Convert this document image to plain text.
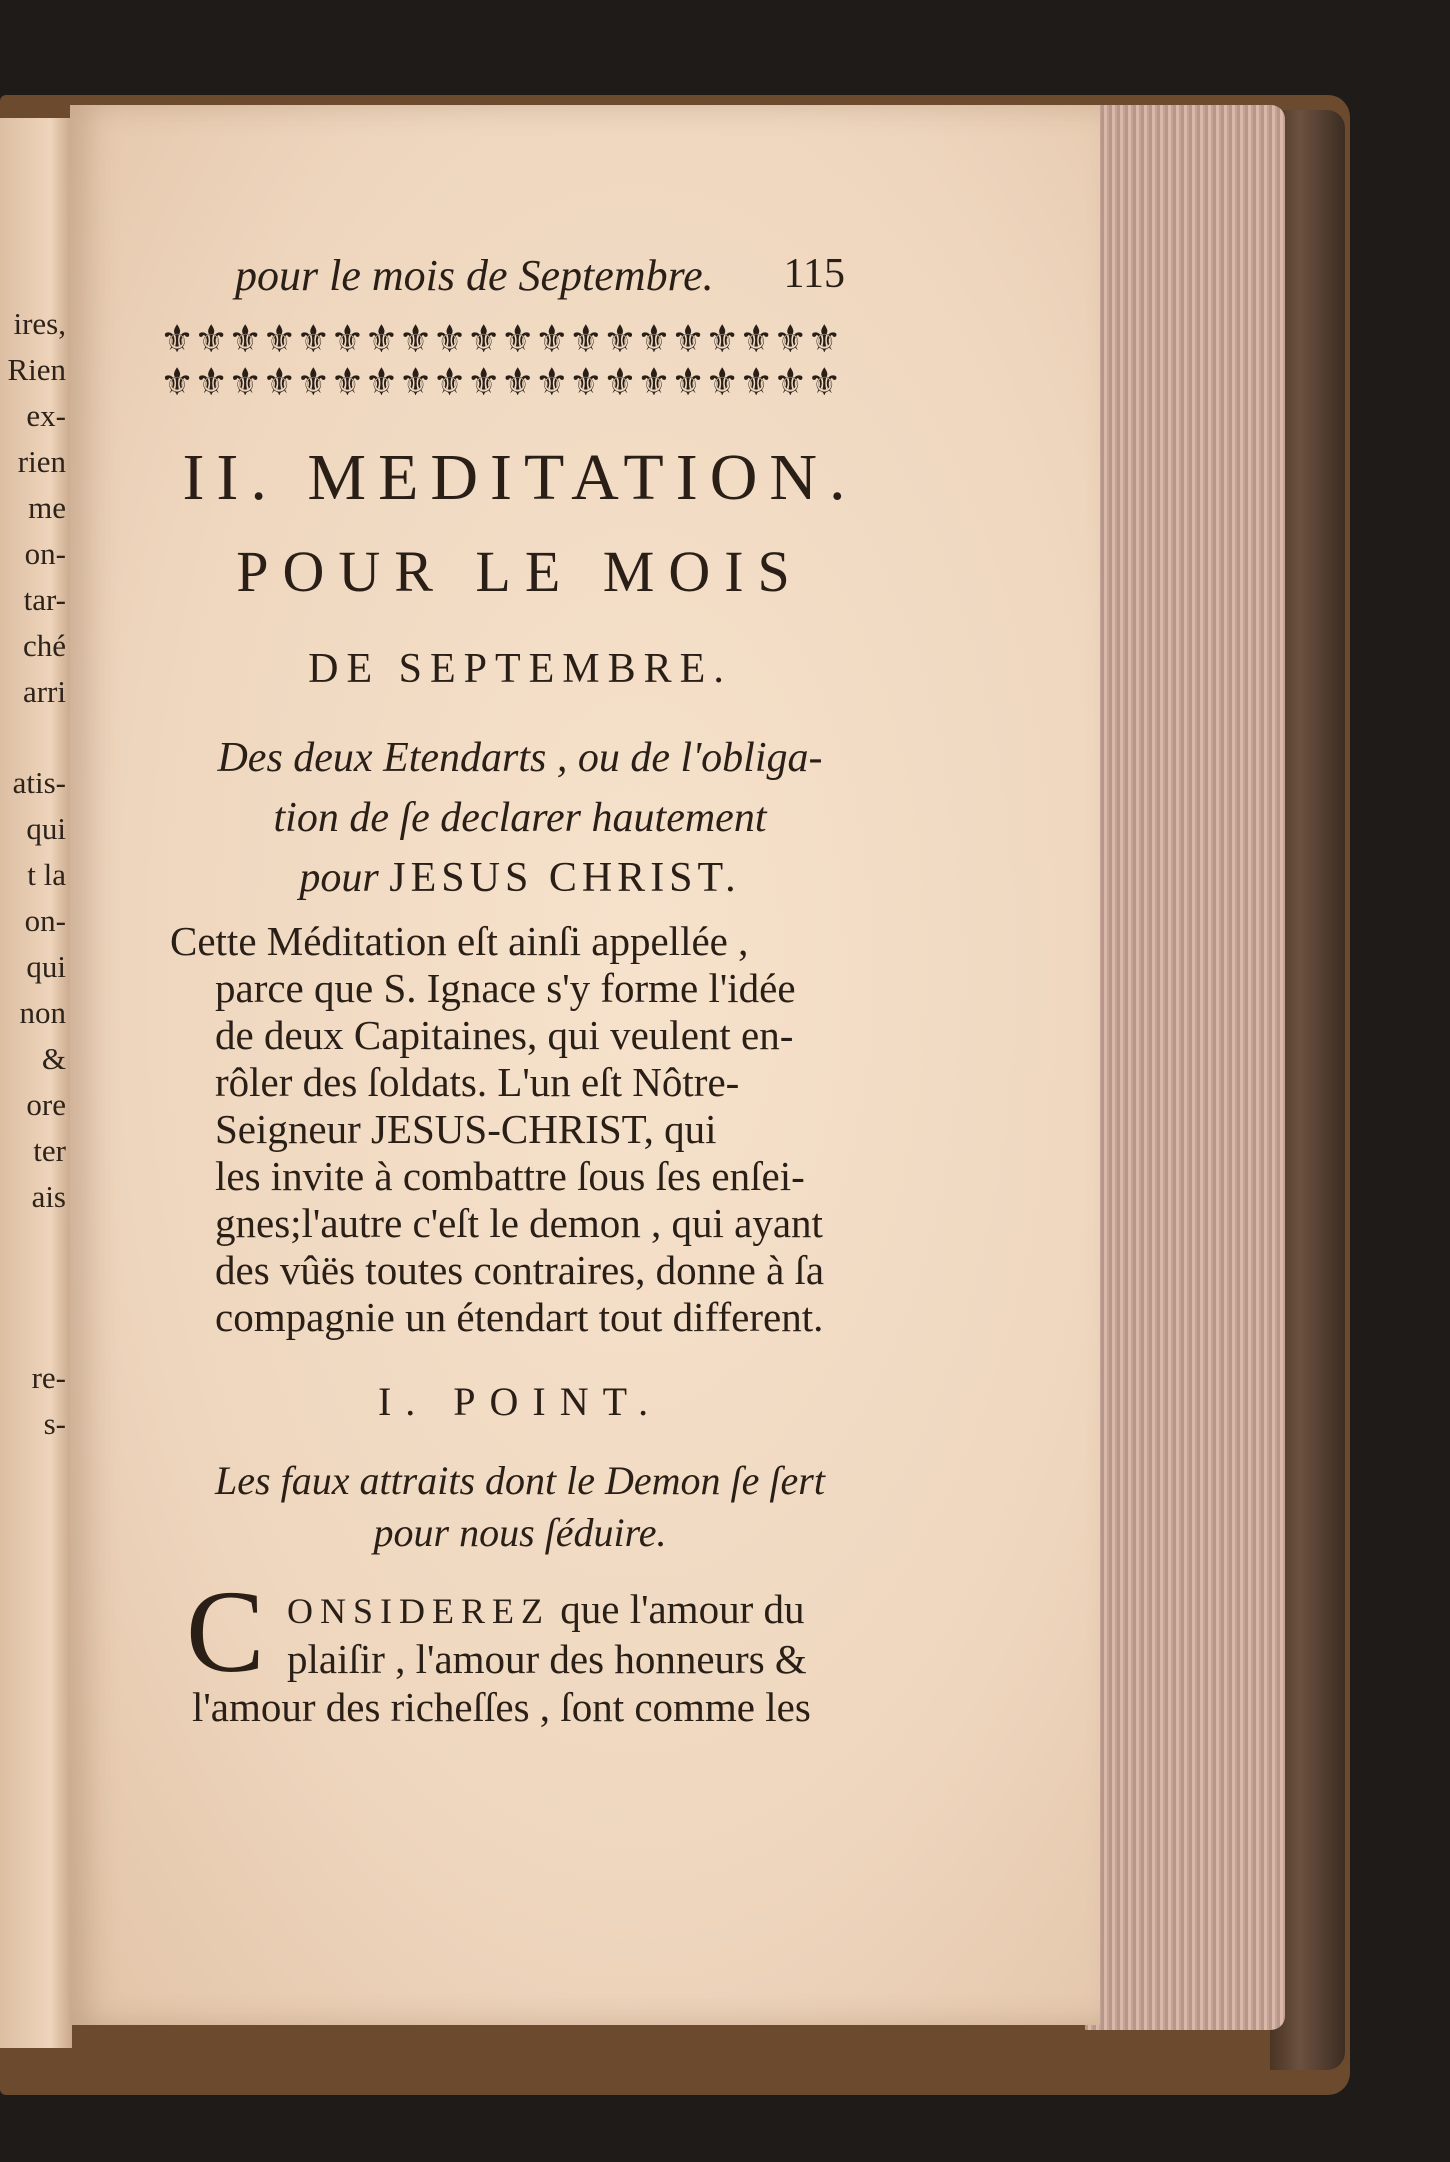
ires,
Rien
ex-
rien
me
on-
tar-
ché
arri
atis-
qui
t la
on-
qui
non
&
ore
ter
ais
re-
s-
pour le mois de Septembre. 115
⚜⚜⚜⚜⚜⚜⚜⚜⚜⚜⚜⚜⚜⚜⚜⚜⚜⚜⚜⚜
⚜⚜⚜⚜⚜⚜⚜⚜⚜⚜⚜⚜⚜⚜⚜⚜⚜⚜⚜⚜
II. MEDITATION.
POUR LE MOIS
DE SEPTEMBRE.
Des deux Etendarts , ou de l'obliga-
tion de ſe declarer hautement
pour JESUS CHRIST.
Cette Méditation eſt ainſi appellée ,
parce que S. Ignace s'y forme l'idée
de deux Capitaines, qui veulent en-
rôler des ſoldats. L'un eſt Nôtre-
Seigneur JESUS-CHRIST, qui
les invite à combattre ſous ſes enſei-
gnes;l'autre c'eſt le demon , qui ayant
des vûës toutes contraires, donne à ſa
compagnie un étendart tout different.
I. POINT.
Les faux attraits dont le Demon ſe ſert
pour nous ſéduire.
C ONSIDEREZ que l'amour du
plaiſir , l'amour des honneurs &
l'amour des richeſſes , ſont comme les
